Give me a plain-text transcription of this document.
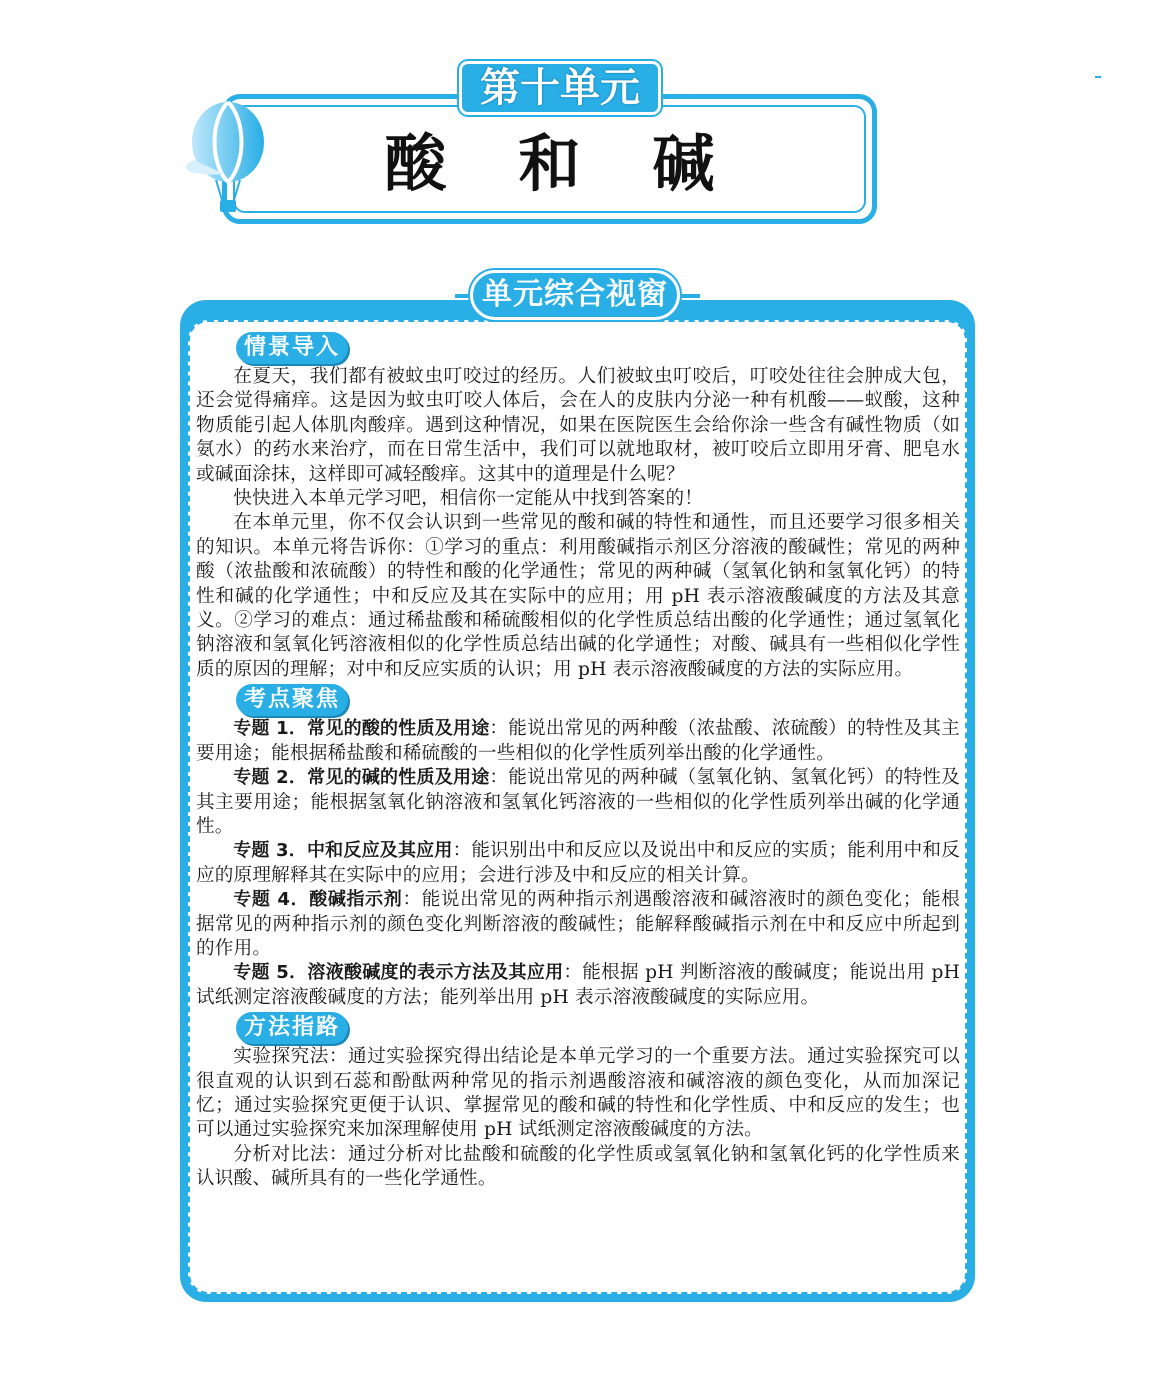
酸和碱
第十单元
单元综合视窗
情景导入

在夏天，我们都有被蚊虫叮咬过的经历。人们被蚊虫叮咬后，叮咬处往往会肿成大包，还会觉得痛痒。这是因为蚊虫叮咬人体后，会在人的皮肤内分泌一种有机酸——蚁酸，这种物质能引起人体肌肉酸痒。遇到这种情况，如果在医院医生会给你涂一些含有碱性物质（如氨水）的药水来治疗，而在日常生活中，我们可以就地取材，被叮咬后立即用牙膏、肥皂水或碱面涂抹，这样即可减轻酸痒。这其中的道理是什么呢？

快快进入本单元学习吧，相信你一定能从中找到答案的！

在本单元里，你不仅会认识到一些常见的酸和碱的特性和通性，而且还要学习很多相关的知识。本单元将告诉你：①学习的重点：利用酸碱指示剂区分溶液的酸碱性；常见的两种酸（浓盐酸和浓硫酸）的特性和酸的化学通性；常见的两种碱（氢氧化钠和氢氧化钙）的特性和碱的化学通性；中和反应及其在实际中的应用；用 pH 表示溶液酸碱度的方法及其意义。②学习的难点：通过稀盐酸和稀硫酸相似的化学性质总结出酸的化学通性；通过氢氧化钠溶液和氢氧化钙溶液相似的化学性质总结出碱的化学通性；对酸、碱具有一些相似化学性质的原因的理解；对中和反应实质的认识；用 pH 表示溶液酸碱度的方法的实际应用。

考点聚焦

专题 1．常见的酸的性质及用途：能说出常见的两种酸（浓盐酸、浓硫酸）的特性及其主要用途；能根据稀盐酸和稀硫酸的一些相似的化学性质列举出酸的化学通性。

专题 2．常见的碱的性质及用途：能说出常见的两种碱（氢氧化钠、氢氧化钙）的特性及其主要用途；能根据氢氧化钠溶液和氢氧化钙溶液的一些相似的化学性质列举出碱的化学通性。

专题 3．中和反应及其应用：能识别出中和反应以及说出中和反应的实质；能利用中和反应的原理解释其在实际中的应用；会进行涉及中和反应的相关计算。

专题 4．酸碱指示剂：能说出常见的两种指示剂遇酸溶液和碱溶液时的颜色变化；能根据常见的两种指示剂的颜色变化判断溶液的酸碱性；能解释酸碱指示剂在中和反应中所起到的作用。

专题 5．溶液酸碱度的表示方法及其应用：能根据 pH 判断溶液的酸碱度；能说出用 pH 试纸测定溶液酸碱度的方法；能列举出用 pH 表示溶液酸碱度的实际应用。

方法指路

实验探究法：通过实验探究得出结论是本单元学习的一个重要方法。通过实验探究可以很直观的认识到石蕊和酚酞两种常见的指示剂遇酸溶液和碱溶液的颜色变化，从而加深记忆；通过实验探究更便于认识、掌握常见的酸和碱的特性和化学性质、中和反应的发生；也可以通过实验探究来加深理解使用 pH 试纸测定溶液酸碱度的方法。

分析对比法：通过分析对比盐酸和硫酸的化学性质或氢氧化钠和氢氧化钙的化学性质来认识酸、碱所具有的一些化学通性。
